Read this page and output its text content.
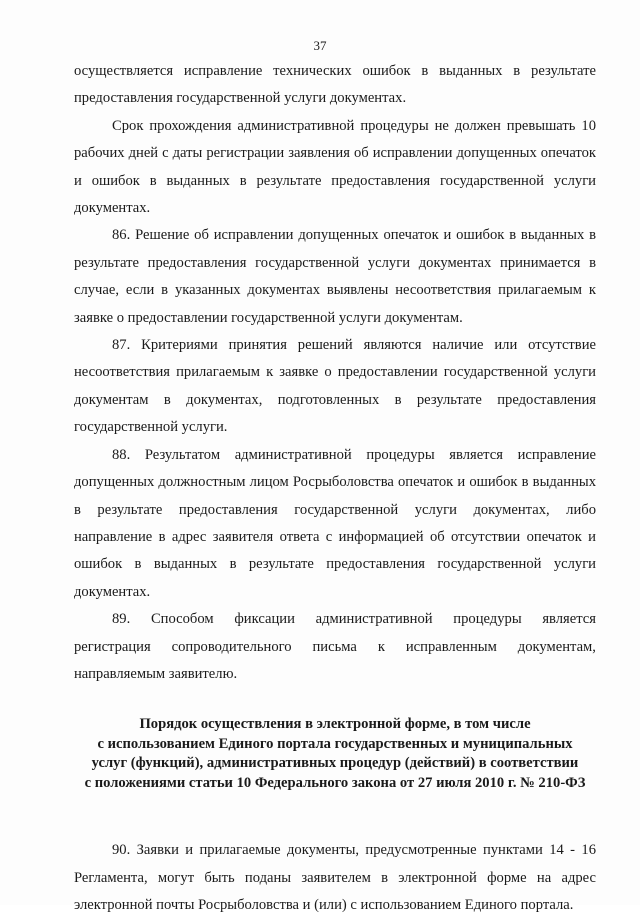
37

осуществляется исправление технических ошибок в выданных в результате предоставления государственной услуги документах.

Срок прохождения административной процедуры не должен превышать 10 рабочих дней с даты регистрации заявления об исправлении допущенных опечаток и ошибок в выданных в результате предоставления государственной услуги документах.

86. Решение об исправлении допущенных опечаток и ошибок в выданных в результате предоставления государственной услуги документах принимается в случае, если в указанных документах выявлены несоответствия прилагаемым к заявке о предоставлении государственной услуги документам.

87. Критериями принятия решений являются наличие или отсутствие несоответствия прилагаемым к заявке о предоставлении государственной услуги документам в документах, подготовленных в результате предоставления государственной услуги.

88. Результатом административной процедуры является исправление допущенных должностным лицом Росрыболовства опечаток и ошибок в выданных в результате предоставления государственной услуги документах, либо направление в адрес заявителя ответа с информацией об отсутствии опечаток и ошибок в выданных в результате предоставления государственной услуги документах.

89. Способом фиксации административной процедуры является
регистрация сопроводительного письма к исправленным документам,

направляемым заявителю.

Порядок осуществления в электронной форме, в том числе
с использованием Единого портала государственных и муниципальных
услуг (функций), административных процедур (действий) в соответствии
с положениями статьи 10 Федерального закона от 27 июля 2010 г. № 210-ФЗ

90. Заявки и прилагаемые документы, предусмотренные пунктами 14 - 16 Регламента, могут быть поданы заявителем в электронной форме на адрес электронной почты Росрыболовства и (или) с использованием Единого портала.
